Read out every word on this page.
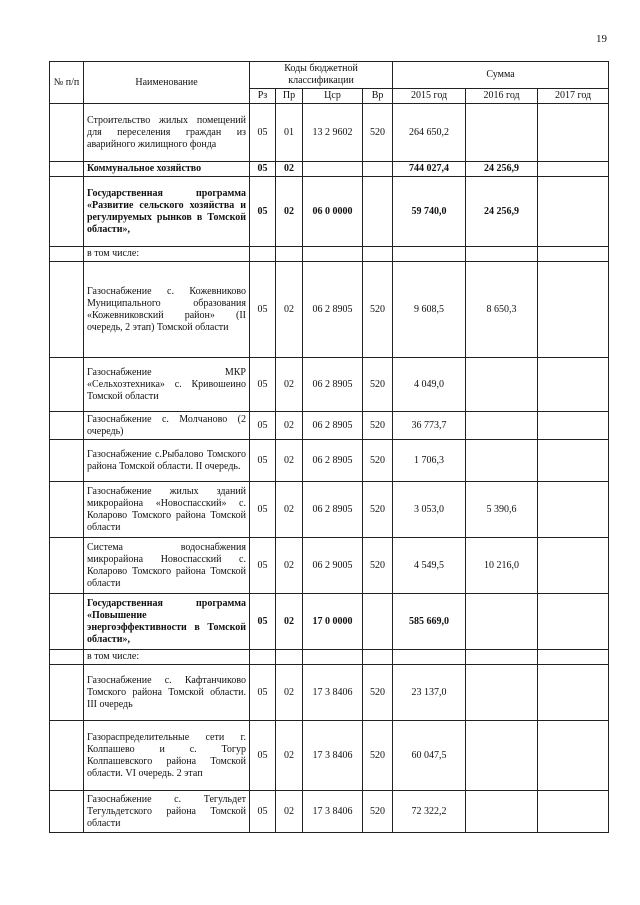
19
№ п/п	Наименование	Коды бюджетной классификации				Сумма		
		Рз	Пр	Цср	Вр	2015 год	2016 год	2017 год
	Строительство жилых помещений для переселения граждан из аварийного жилищного фонда	05	01	13 2 9602	520	264 650,2		
	Коммунальное хозяйство	05	02			744 027,4	24 256,9	
	Государственная программа «Развитие сельского хозяйства и регулируемых рынков в Томской области»,	05	02	06 0 0000		59 740,0	24 256,9	
	в том числе:							
	Газоснабжение с. Кожевниково Муниципального образования «Кожевниковский район» (II очередь, 2 этап) Томской области	05	02	06 2 8905	520	9 608,5	8 650,3	
	Газоснабжение МКР «Сельхозтехника» с. Кривошеино Томской области	05	02	06 2 8905	520	4 049,0		
	Газоснабжение с. Молчаново (2 очередь)	05	02	06 2 8905	520	36 773,7		
	Газоснабжение с.Рыбалово Томского района Томской области. II очередь.	05	02	06 2 8905	520	1 706,3		
	Газоснабжение жилых зданий микрорайона «Новоспасский» с. Коларово Томского района Томской области	05	02	06 2 8905	520	3 053,0	5 390,6	
	Система водоснабжения микрорайона Новоспасский с. Коларово Томского района Томской области	05	02	06 2 9005	520	4 549,5	10 216,0	
	Государственная программа «Повышение энергоэффективности в Томской области»,	05	02	17 0 0000		585 669,0		
	в том числе:							
	Газоснабжение с. Кафтанчиково Томского района Томской области. III очередь	05	02	17 3 8406	520	23 137,0		
	Газораспределительные сети г. Колпашево и с. Тогур Колпашевского района Томской области. VI очередь. 2 этап	05	02	17 3 8406	520	60 047,5		
	Газоснабжение с. Тегульдет Тегульдетского района Томской области	05	02	17 3 8406	520	72 322,2		
